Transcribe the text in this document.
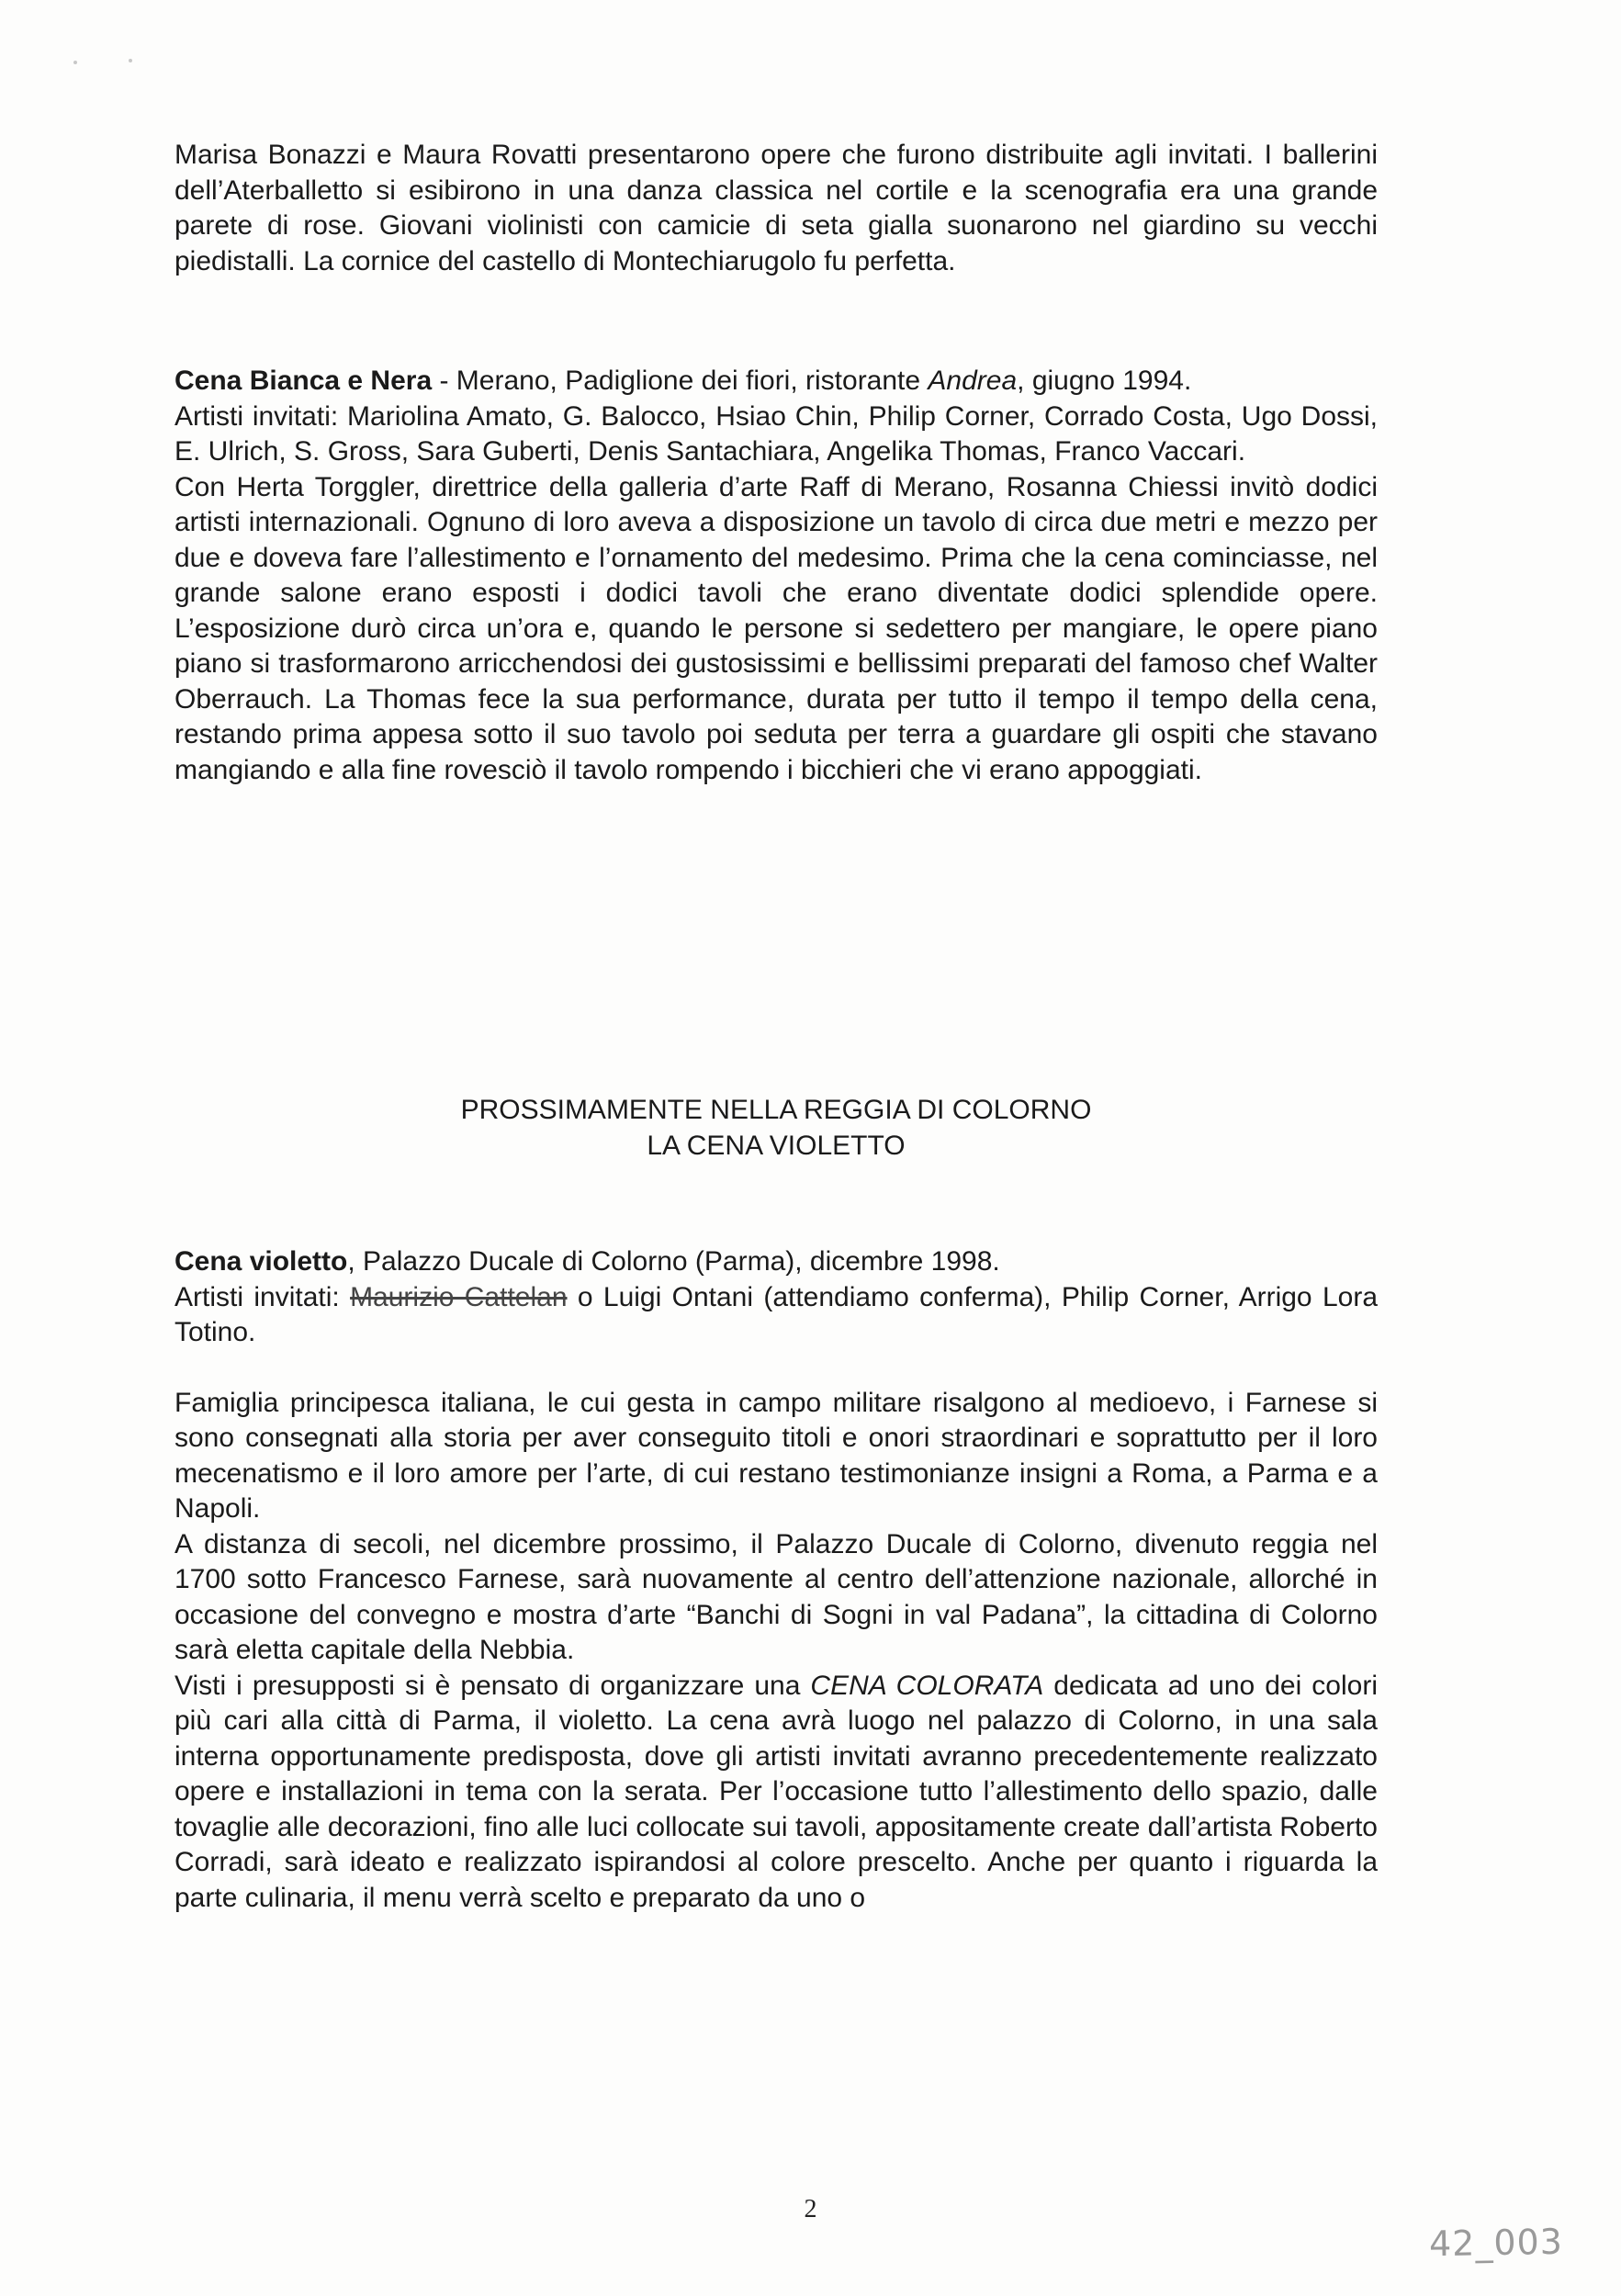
Marisa Bonazzi e Maura Rovatti presentarono opere che furono distribuite agli invitati. I ballerini dell’Aterballetto si esibirono in una danza classica nel cortile e la scenografia era una grande parete di rose. Giovani violinisti con camicie di seta gialla suonarono nel giardino su vecchi piedistalli. La cornice del castello di Montechiarugolo fu perfetta.

Cena Bianca e Nera - Merano, Padiglione dei fiori, ristorante Andrea, giugno 1994.

Artisti invitati: Mariolina Amato, G. Balocco, Hsiao Chin, Philip Corner, Corrado Costa, Ugo Dossi, E. Ulrich, S. Gross, Sara Guberti, Denis Santachiara, Angelika Thomas, Franco Vaccari.

Con Herta Torggler, direttrice della galleria d’arte Raff di Merano, Rosanna Chiessi invitò dodici artisti internazionali. Ognuno di loro aveva a disposizione un tavolo di circa due metri e mezzo per due e doveva fare l’allestimento e l’ornamento del medesimo. Prima che la cena cominciasse, nel grande salone erano esposti i dodici tavoli che erano diventate dodici splendide opere. L’esposizione durò circa un’ora e, quando le persone si sedettero per mangiare, le opere piano piano si trasformarono arricchendosi dei gustosissimi e bellissimi preparati del famoso chef Walter Oberrauch. La Thomas fece la sua performance, durata per tutto il tempo il tempo della cena, restando prima appesa sotto il suo tavolo poi seduta per terra a guardare gli ospiti che stavano mangiando e alla fine rovesciò il tavolo rompendo i bicchieri che vi erano appoggiati.

PROSSIMAMENTE NELLA REGGIA DI COLORNO

LA CENA VIOLETTO

Cena violetto, Palazzo Ducale di Colorno (Parma), dicembre 1998.

Artisti invitati: Maurizio Cattelan o Luigi Ontani (attendiamo conferma), Philip Corner, Arrigo Lora Totino.

Famiglia principesca italiana, le cui gesta in campo militare risalgono al medioevo, i Farnese si sono consegnati alla storia per aver conseguito titoli e onori straordinari e soprattutto per il loro mecenatismo e il loro amore per l’arte, di cui restano testimonianze insigni a Roma, a Parma e a Napoli.

A distanza di secoli, nel dicembre prossimo, il Palazzo Ducale di Colorno, divenuto reggia nel 1700 sotto Francesco Farnese, sarà nuovamente al centro dell’attenzione nazionale, allorché in occasione del convegno e mostra d’arte “Banchi di Sogni in val Padana”, la cittadina di Colorno sarà eletta capitale della Nebbia.

Visti i presupposti si è pensato di organizzare una CENA COLORATA dedicata ad uno dei colori più cari alla città di Parma, il violetto. La cena avrà luogo nel palazzo di Colorno, in una sala interna opportunamente predisposta, dove gli artisti invitati avranno precedentemente realizzato opere e installazioni in tema con la serata. Per l’occasione tutto l’allestimento dello spazio, dalle tovaglie alle decorazioni, fino alle luci collocate sui tavoli, appositamente create dall’artista Roberto Corradi, sarà ideato e realizzato ispirandosi al colore prescelto. Anche per quanto i riguarda la parte culinaria, il menu verrà scelto e preparato da uno o

2
42_003
